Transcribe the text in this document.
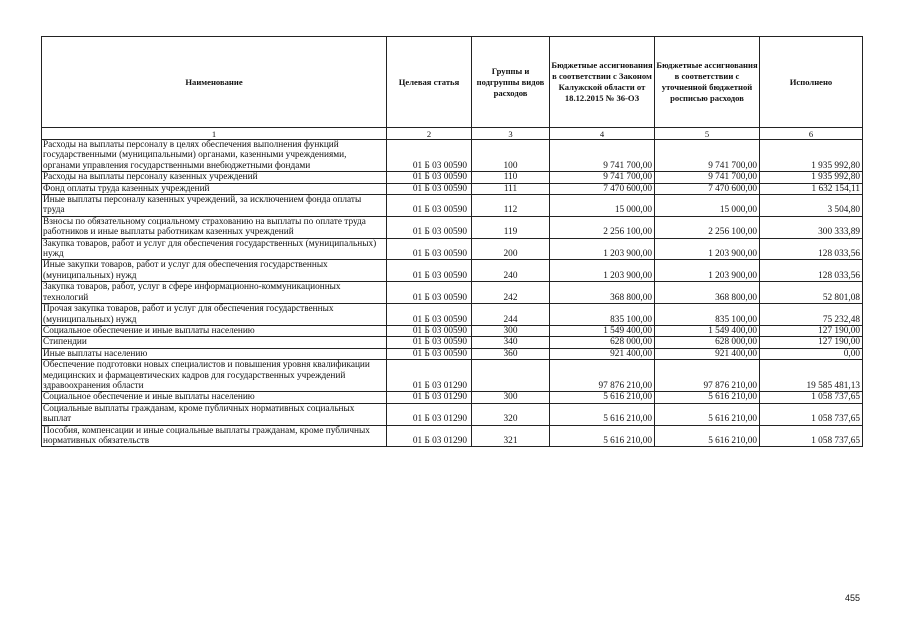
Наименование	Целевая статья	Группы и подгруппы видов расходов	Бюджетные ассигнования в соответствии с Законом Калужской области от 18.12.2015 № 36-ОЗ	Бюджетные ассигнования в соответствии с уточненной бюджетной росписью расходов	Исполнено
1	2	3	4	5	6
Расходы на выплаты персоналу в целях обеспечения выполнения функций государственными (муниципальными) органами, казенными учреждениями, органами управления государственными внебюджетными фондами	01 Б 03 00590	100	9 741 700,00	9 741 700,00	1 935 992,80
Расходы на выплаты персоналу казенных учреждений	01 Б 03 00590	110	9 741 700,00	9 741 700,00	1 935 992,80
Фонд оплаты труда казенных учреждений	01 Б 03 00590	111	7 470 600,00	7 470 600,00	1 632 154,11
Иные выплаты персоналу казенных учреждений, за исключением фонда оплаты труда	01 Б 03 00590	112	15 000,00	15 000,00	3 504,80
Взносы по обязательному социальному страхованию на выплаты по оплате труда работников и иные выплаты работникам казенных учреждений	01 Б 03 00590	119	2 256 100,00	2 256 100,00	300 333,89
Закупка товаров, работ и услуг для обеспечения государственных (муниципальных) нужд	01 Б 03 00590	200	1 203 900,00	1 203 900,00	128 033,56
Иные закупки товаров, работ и услуг для обеспечения государственных (муниципальных) нужд	01 Б 03 00590	240	1 203 900,00	1 203 900,00	128 033,56
Закупка товаров, работ, услуг в сфере информационно-коммуникационных технологий	01 Б 03 00590	242	368 800,00	368 800,00	52 801,08
Прочая закупка товаров, работ и услуг для обеспечения государственных (муниципальных) нужд	01 Б 03 00590	244	835 100,00	835 100,00	75 232,48
Социальное обеспечение и иные выплаты населению	01 Б 03 00590	300	1 549 400,00	1 549 400,00	127 190,00
Стипендии	01 Б 03 00590	340	628 000,00	628 000,00	127 190,00
Иные выплаты населению	01 Б 03 00590	360	921 400,00	921 400,00	0,00
Обеспечение подготовки новых специалистов и повышения уровня квалификации медицинских и фармацевтических кадров для государственных учреждений здравоохранения области	01 Б 03 01290		97 876 210,00	97 876 210,00	19 585 481,13
Социальное обеспечение и иные выплаты населению	01 Б 03 01290	300	5 616 210,00	5 616 210,00	1 058 737,65
Социальные выплаты гражданам, кроме публичных нормативных социальных выплат	01 Б 03 01290	320	5 616 210,00	5 616 210,00	1 058 737,65
Пособия, компенсации и иные социальные выплаты гражданам, кроме публичных нормативных обязательств	01 Б 03 01290	321	5 616 210,00	5 616 210,00	1 058 737,65
455
